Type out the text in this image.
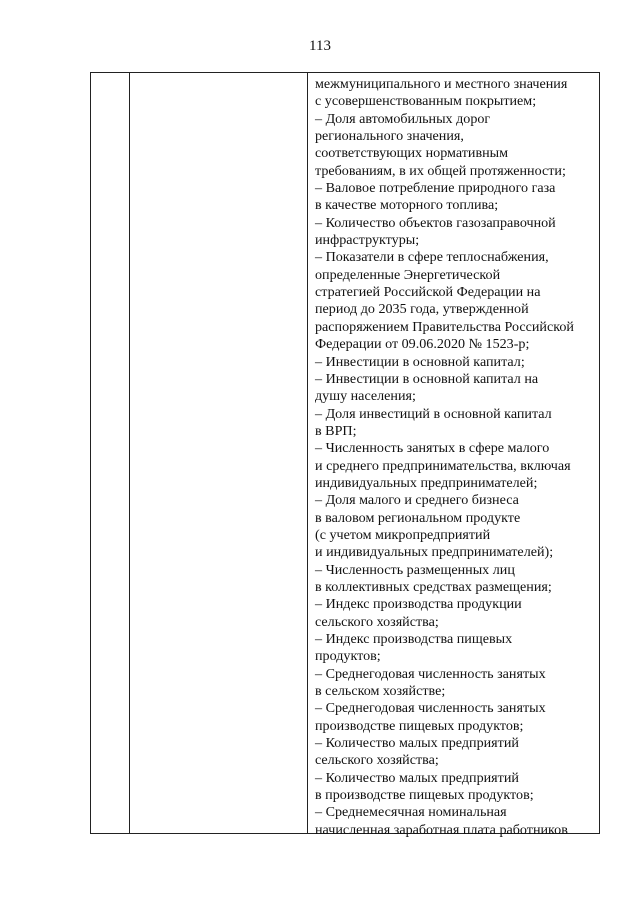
113
межмуниципального и местного значения
с усовершенствованным покрытием;
– Доля автомобильных дорог
регионального значения,
соответствующих нормативным
требованиям, в их общей протяженности;
– Валовое потребление природного газа
в качестве моторного топлива;
– Количество объектов газозаправочной
инфраструктуры;
– Показатели в сфере теплоснабжения,
определенные Энергетической
стратегией Российской Федерации на
период до 2035 года, утвержденной
распоряжением Правительства Российской
Федерации от 09.06.2020 № 1523-р;
– Инвестиции в основной капитал;
– Инвестиции в основной капитал на
душу населения;
– Доля инвестиций в основной капитал
в ВРП;
– Численность занятых в сфере малого
и среднего предпринимательства, включая
индивидуальных предпринимателей;
– Доля малого и среднего бизнеса
в валовом региональном продукте
(с учетом микропредприятий
и индивидуальных предпринимателей);
– Численность размещенных лиц
в коллективных средствах размещения;
– Индекс производства продукции
сельского хозяйства;
– Индекс производства пищевых
продуктов;
– Среднегодовая численность занятых
в сельском хозяйстве;
– Среднегодовая численность занятых
производстве пищевых продуктов;
– Количество малых предприятий
сельского хозяйства;
– Количество малых предприятий
в производстве пищевых продуктов;
– Среднемесячная номинальная
начисленная заработная плата работников
